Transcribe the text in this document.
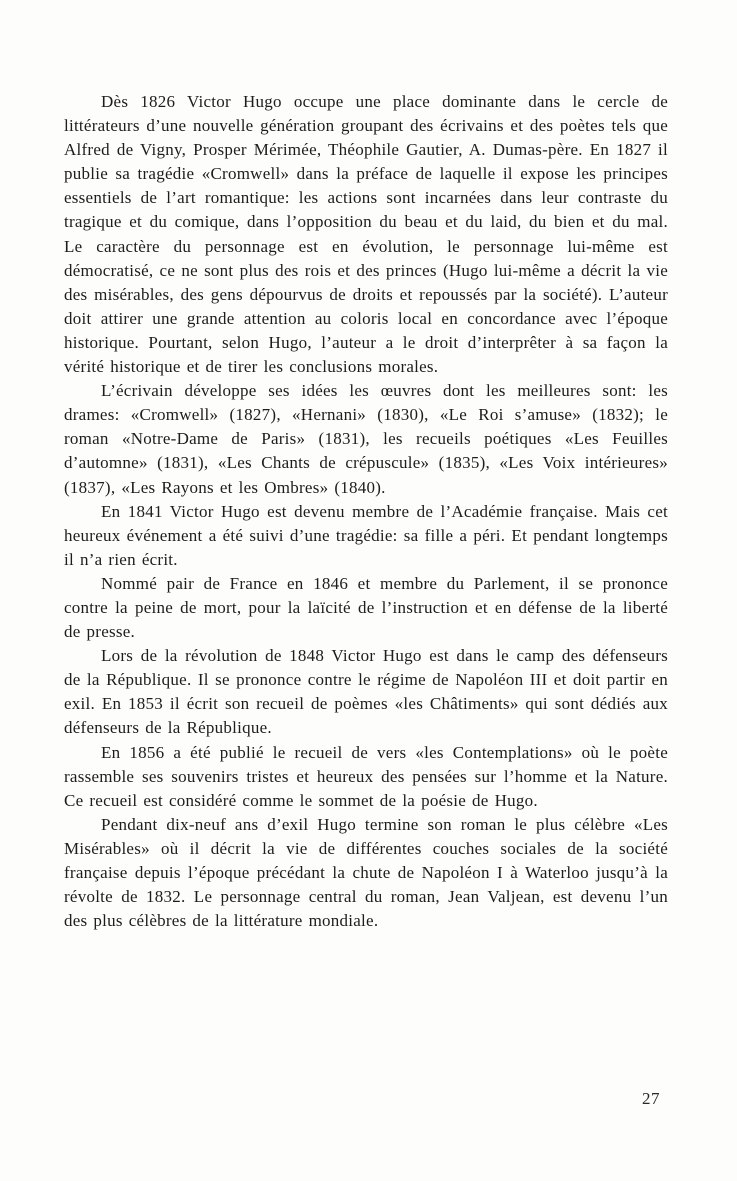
Dès 1826 Victor Hugo occupe une place dominante dans le cercle de littérateurs d’une nouvelle génération groupant des écrivains et des poètes tels que Alfred de Vigny, Prosper Mérimée, Théophile Gautier, A. Dumas-père. En 1827 il publie sa tragédie «Cromwell» dans la préface de laquelle il expose les principes essentiels de l’art romantique: les actions sont incarnées dans leur contraste du tragique et du comique, dans l’opposition du beau et du laid, du bien et du mal. Le caractère du personnage est en évolution, le personnage lui-même est démocratisé, ce ne sont plus des rois et des princes (Hugo lui-même a décrit la vie des misérables, des gens dépourvus de droits et repoussés par la société). L’auteur doit attirer une grande attention au coloris local en concordance avec l’époque historique. Pourtant, selon Hugo, l’auteur a le droit d’interprêter à sa façon la vérité historique et de tirer les conclusions morales.

L’écrivain développe ses idées les œuvres dont les meilleures sont: les drames: «Cromwell» (1827), «Hernani» (1830), «Le Roi s’amuse» (1832); le roman «Notre-Dame de Paris» (1831), les recueils poétiques «Les Feuilles d’automne» (1831), «Les Chants de crépuscule» (1835), «Les Voix intérieures» (1837), «Les Rayons et les Ombres» (1840).

En 1841 Victor Hugo est devenu membre de l’Académie française. Mais cet heureux événement a été suivi d’une tragédie: sa fille a péri. Et pendant longtemps il n’a rien écrit.

Nommé pair de France en 1846 et membre du Parlement, il se prononce contre la peine de mort, pour la laïcité de l’instruction et en défense de la liberté de presse.

Lors de la révolution de 1848 Victor Hugo est dans le camp des défenseurs de la République. Il se prononce contre le régime de Napoléon III et doit partir en exil. En 1853 il écrit son recueil de poèmes «les Châtiments» qui sont dédiés aux défenseurs de la République.

En 1856 a été publié le recueil de vers «les Contemplations» où le poète rassemble ses souvenirs tristes et heureux des pensées sur l’homme et la Nature. Ce recueil est considéré comme le sommet de la poésie de Hugo.

Pendant dix-neuf ans d’exil Hugo termine son roman le plus célèbre «Les Misérables» où il décrit la vie de différentes couches sociales de la société française depuis l’époque précédant la chute de Napoléon I à Waterloo jusqu’à la révolte de 1832. Le personnage central du roman, Jean Valjean, est devenu l’un des plus célèbres de la littérature mondiale.

27
